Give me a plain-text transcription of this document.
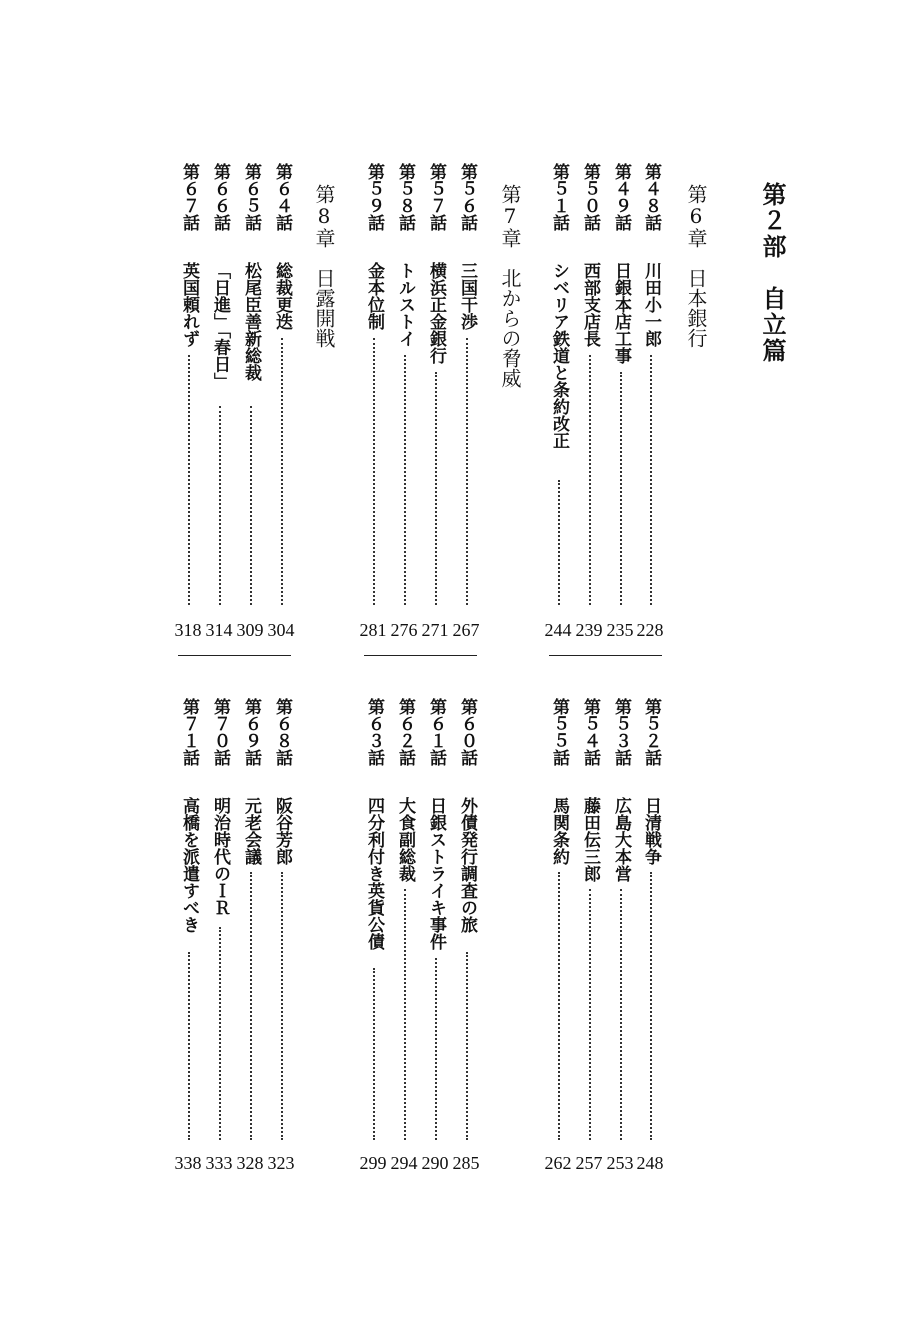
第２部　自立篇
第6章　日本銀行
第7章　北からの脅威
第8章　日露開戦	第４８話
川田小一郎
228
第４９話
日銀本店工事
235
第５０話
西部支店長
239
第５１話
シベリア鉄道と条約改正
244
第５６話
三国干渉
267
第５７話
横浜正金銀行
271
第５８話
トルストイ
276
第５９話
金本位制
281
第６４話
総裁更迭
304
第６５話
松尾臣善新総裁
309
第６６話
「日進」「春日」
314
第６７話
英国頼れず
318
第５２話
日清戦争
248
第５３話
広島大本営
253
第５４話
藤田伝三郎
257
第５５話
馬関条約
262
第６０話
外債発行調査の旅
285
第６１話
日銀ストライキ事件
290
第６２話
大食副総裁
294
第６３話
四分利付き英貨公債
299
第６８話
阪谷芳郎
323
第６９話
元老会議
328
第７０話
明治時代のＩＲ
333
第７１話
高橋を派遣すべき
338
